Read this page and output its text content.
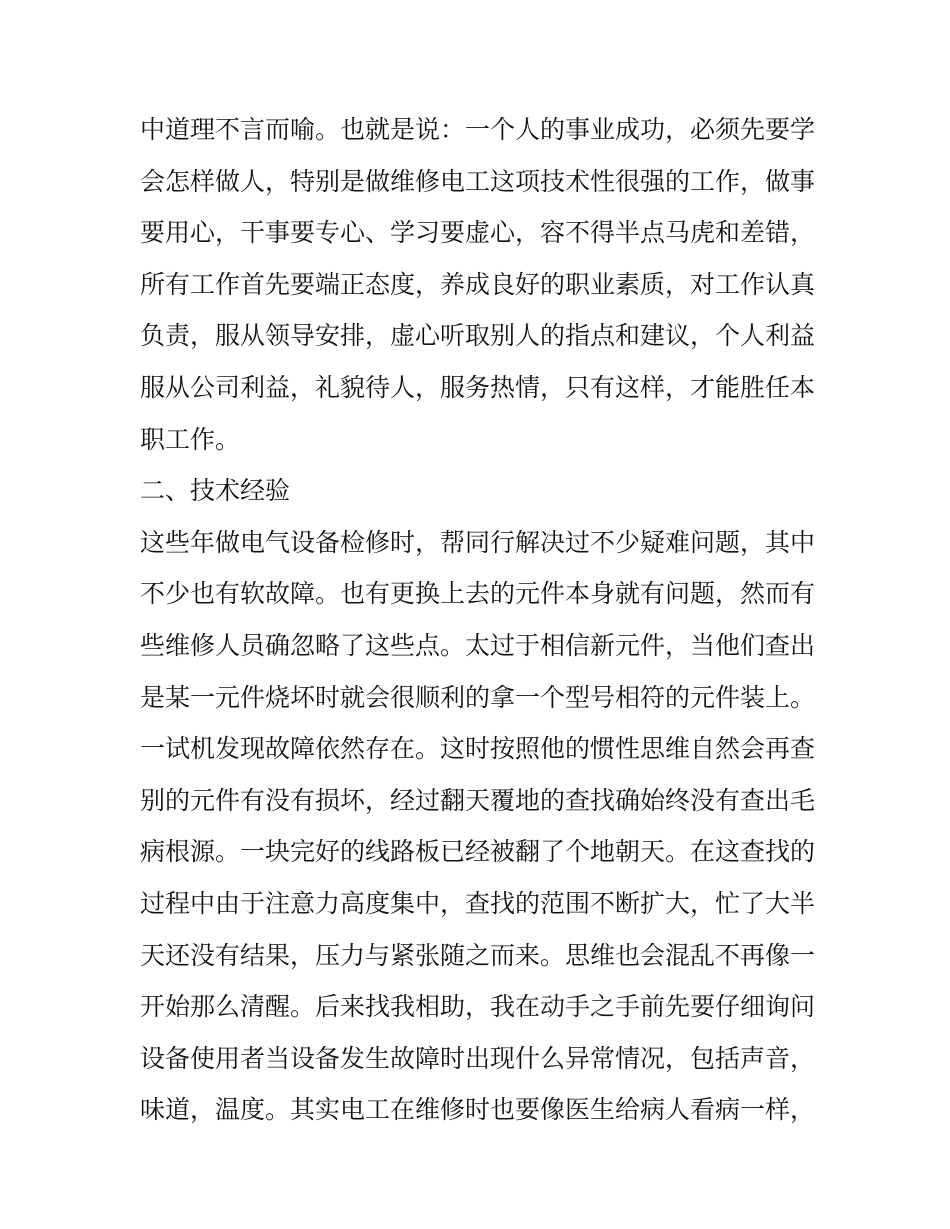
中道理不言而喻。也就是说：一个人的事业成功，必须先要学
会怎样做人，特别是做维修电工这项技术性很强的工作，做事
要用心，干事要专心、学习要虚心，容不得半点马虎和差错，
所有工作首先要端正态度，养成良好的职业素质，对工作认真
负责，服从领导安排，虚心听取别人的指点和建议，个人利益
服从公司利益，礼貌待人，服务热情，只有这样，才能胜任本
职工作。
二、技术经验
这些年做电气设备检修时，帮同行解决过不少疑难问题，其中
不少也有软故障。也有更换上去的元件本身就有问题，然而有
些维修人员确忽略了这些点。太过于相信新元件，当他们查出
是某一元件烧坏时就会很顺利的拿一个型号相符的元件装上。
一试机发现故障依然存在。这时按照他的惯性思维自然会再查
别的元件有没有损坏，经过翻天覆地的查找确始终没有查出毛
病根源。一块完好的线路板已经被翻了个地朝天。在这查找的
过程中由于注意力高度集中，查找的范围不断扩大，忙了大半
天还没有结果，压力与紧张随之而来。思维也会混乱不再像一
开始那么清醒。后来找我相助，我在动手之手前先要仔细询问
设备使用者当设备发生故障时出现什么异常情况，包括声音，
味道，温度。其实电工在维修时也要像医生给病人看病一样，
